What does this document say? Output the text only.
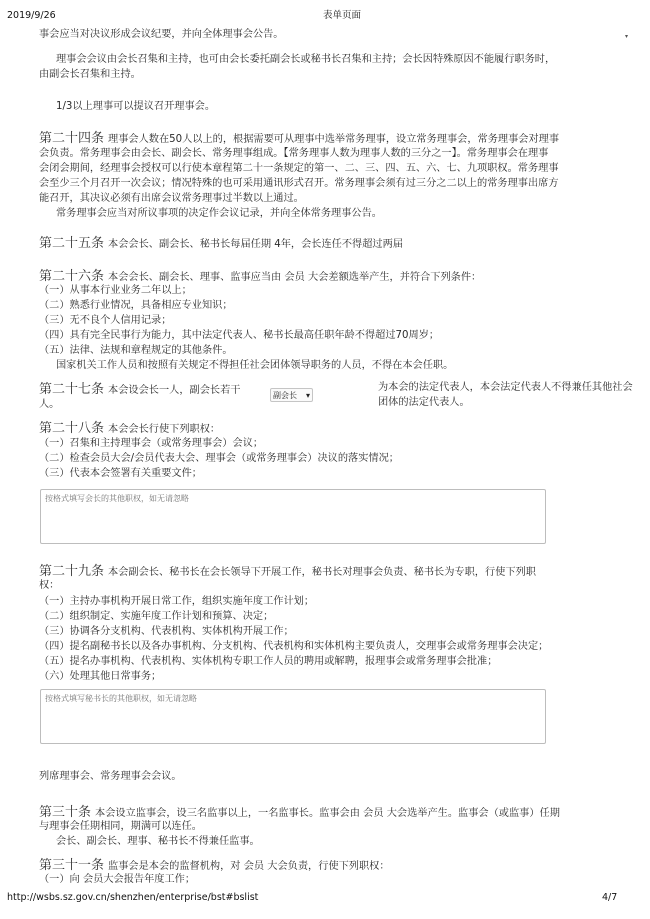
2019/9/26	表单页面
▾
事会应当对决议形成会议纪要，并向全体理事会公告。
理事会会议由会长召集和主持，也可由会长委托副会长或秘书长召集和主持；会长因特殊原因不能履行职务时，
由副会长召集和主持。
1/3以上理事可以提议召开理事会。
第二十四条 理事会人数在50人以上的，根据需要可从理事中选举常务理事，设立常务理事会，常务理事会对理事
会负责。常务理事会由会长、副会长、常务理事组成。【常务理事人数为理事人数的三分之一】。常务理事会在理事
会闭会期间，经理事会授权可以行使本章程第二十一条规定的第一、二、三、四、五、六、七、九项职权。常务理事
会至少三个月召开一次会议；情况特殊的也可采用通讯形式召开。常务理事会须有过三分之二以上的常务理事出席方
能召开，其决议必须有出席会议常务理事过半数以上通过。
常务理事会应当对所议事项的决定作会议记录，并向全体常务理事公告。
第二十五条 本会会长、副会长、秘书长每届任期 4年，会长连任不得超过两届
第二十六条 本会会长、副会长、理事、监事应当由 会员 大会差额选举产生，并符合下列条件：
（一）从事本行业业务二年以上；
（二）熟悉行业情况，具备相应专业知识；
（三）无不良个人信用记录；
（四）具有完全民事行为能力，其中法定代表人、秘书长最高任职年龄不得超过70周岁；
（五）法律、法规和章程规定的其他条件。
国家机关工作人员和按照有关规定不得担任社会团体领导职务的人员，不得在本会任职。
第二十七条 本会设会长一人，副会长若干
人。
副会长 ▾
为本会的法定代表人，本会法定代表人不得兼任其他社会
团体的法定代表人。
第二十八条 本会会长行使下列职权：
（一）召集和主持理事会（或常务理事会）会议；
（二）检查会员大会/会员代表大会、理事会（或常务理事会）决议的落实情况；
（三）代表本会签署有关重要文件；
按格式填写会长的其他职权，如无请忽略
第二十九条 本会副会长、秘书长在会长领导下开展工作，秘书长对理事会负责、秘书长为专职，行使下列职
权：
（一）主持办事机构开展日常工作，组织实施年度工作计划；
（二）组织制定、实施年度工作计划和预算、决定；
（三）协调各分支机构、代表机构、实体机构开展工作；
（四）提名副秘书长以及各办事机构、分支机构、代表机构和实体机构主要负责人，交理事会或常务理事会决定；
（五）提名办事机构、代表机构、实体机构专职工作人员的聘用或解聘，报理事会或常务理事会批准；
（六）处理其他日常事务；
按格式填写秘书长的其他职权，如无请忽略
列席理事会、常务理事会会议。
第三十条 本会设立监事会，设三名监事以上，一名监事长。监事会由 会员 大会选举产生。监事会（或监事）任期
与理事会任期相同，期满可以连任。
会长、副会长、理事、秘书长不得兼任监事。
第三十一条 监事会是本会的监督机构，对 会员 大会负责，行使下列职权：
（一）向 会员大会报告年度工作；
http://wsbs.sz.gov.cn/shenzhen/enterprise/bst#bslist	4/7
